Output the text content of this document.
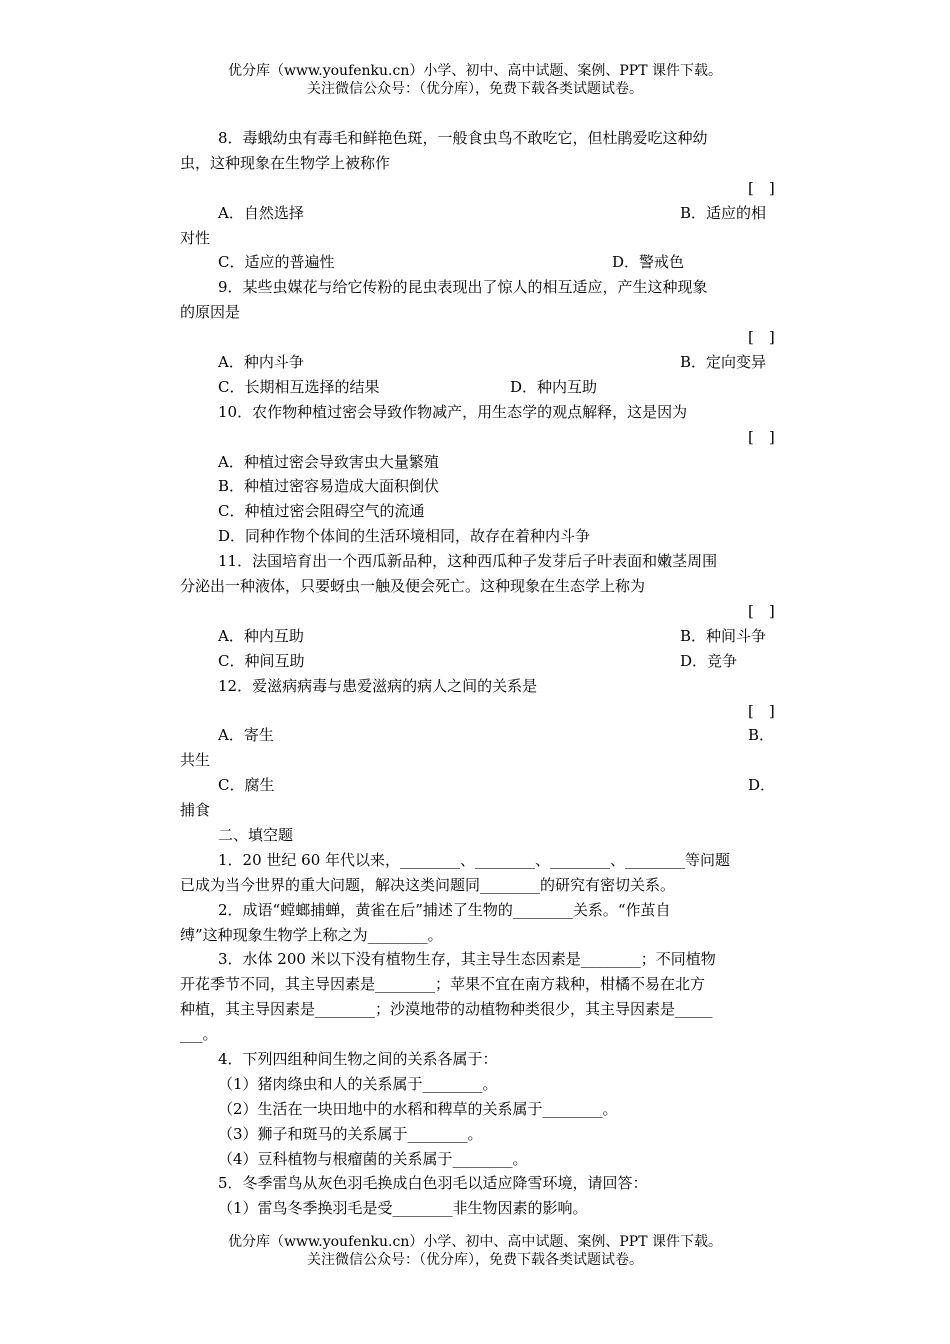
优分库（www.youfenku.cn）小学、初中、高中试题、案例、PPT 课件下载。
关注微信公众号：（优分库），免费下载各类试题试卷。
8．毒蛾幼虫有毒毛和鲜艳色斑，一般食虫鸟不敢吃它，但杜鹃爱吃这种幼
虫，这种现象在生物学上被称作
[　]
A．自然选择	B．适应的相
对性
C．适应的普遍性	D．警戒色
9．某些虫媒花与给它传粉的昆虫表现出了惊人的相互适应，产生这种现象
的原因是
[　]
A．种内斗争	B．定向变异
C．长期相互选择的结果	D．种内互助
10．农作物种植过密会导致作物减产，用生态学的观点解释，这是因为
[　]
A．种植过密会导致害虫大量繁殖
B．种植过密容易造成大面积倒伏
C．种植过密会阻碍空气的流通
D．同种作物个体间的生活环境相同，故存在着种内斗争
11．法国培育出一个西瓜新品种，这种西瓜种子发芽后子叶表面和嫩茎周围
分泌出一种液体，只要蚜虫一触及便会死亡。这种现象在生态学上称为
[　]
A．种内互助	B．种间斗争
C．种间互助	D．竞争
12．爱滋病病毒与患爱滋病的病人之间的关系是
[　]
A．寄生	B．
共生
C．腐生	D．
捕食
二、填空题
1．20 世纪 60 年代以来，________、________、________、________等问题
已成为当今世界的重大问题，解决这类问题同________的研究有密切关系。
2．成语“螳螂捕蝉，黄雀在后”捕述了生物的________关系。“作茧自
缚”这种现象生物学上称之为________。
3．水体 200 米以下没有植物生存，其主导生态因素是________；不同植物
开花季节不同，其主导因素是________；苹果不宜在南方栽种，柑橘不易在北方
种植，其主导因素是________；沙漠地带的动植物种类很少，其主导因素是_____
___。
4．下列四组种间生物之间的关系各属于：
（1）猪肉绦虫和人的关系属于________。
（2）生活在一块田地中的水稻和稗草的关系属于________。
（3）狮子和斑马的关系属于________。
（4）豆科植物与根瘤菌的关系属于________。
5．冬季雷鸟从灰色羽毛换成白色羽毛以适应降雪环境，请回答：
（1）雷鸟冬季换羽毛是受________非生物因素的影响。
优分库（www.youfenku.cn）小学、初中、高中试题、案例、PPT 课件下载。
关注微信公众号：（优分库），免费下载各类试题试卷。
